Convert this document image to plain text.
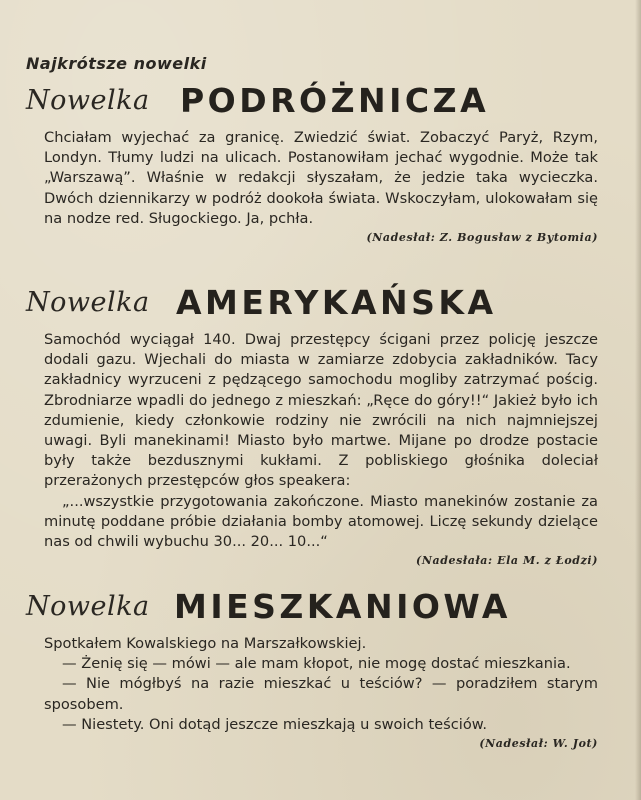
Najkrótsze nowelki
Nowelka PODRÓŻNICZA

Chciałam wyjechać za granicę. Zwiedzić świat. Zobaczyć Paryż, Rzym, Londyn. Tłumy ludzi na ulicach. Postanowiłam jechać wygodnie. Może tak „Warszawą”. Właśnie w redakcji słyszałam, że jedzie taka wycieczka. Dwóch dziennikarzy w podróż dookoła świata. Wskoczyłam, ulokowałam się na nodze red. Sługockiego. Ja, pchła.

(Nadesłał: Z. Bogusław z Bytomia)
Nowelka AMERYKAŃSKA

Samochód wyciągał 140. Dwaj przestępcy ścigani przez policję jeszcze dodali gazu. Wjechali do miasta w zamiarze zdobycia zakładników. Tacy zakładnicy wyrzuceni z pędzącego samochodu mogliby zatrzymać pościg. Zbrodniarze wpadli do jednego z mieszkań: „Ręce do góry!!“ Jakież było ich zdumienie, kiedy członkowie rodziny nie zwrócili na nich najmniejszej uwagi. Byli manekinami! Miasto było martwe. Mijane po drodze postacie były także bezdusznymi kukłami. Z pobliskiego głośnika doleciał przerażonych przestępców głos speakera:

„...wszystkie przygotowania zakończone. Miasto manekinów zostanie za minutę poddane próbie działania bomby atomowej. Liczę sekundy dzielące nas od chwili wybuchu 30... 20... 10...“

(Nadesłała: Ela M. z Łodzi)
Nowelka MIESZKANIOWA

Spotkałem Kowalskiego na Marszałkowskiej.

— Żenię się — mówi — ale mam kłopot, nie mogę dostać mieszkania.

— Nie mógłbyś na razie mieszkać u teściów? — poradziłem starym sposobem.

— Niestety. Oni dotąd jeszcze mieszkają u swoich teściów.

(Nadesłał: W. Jot)
